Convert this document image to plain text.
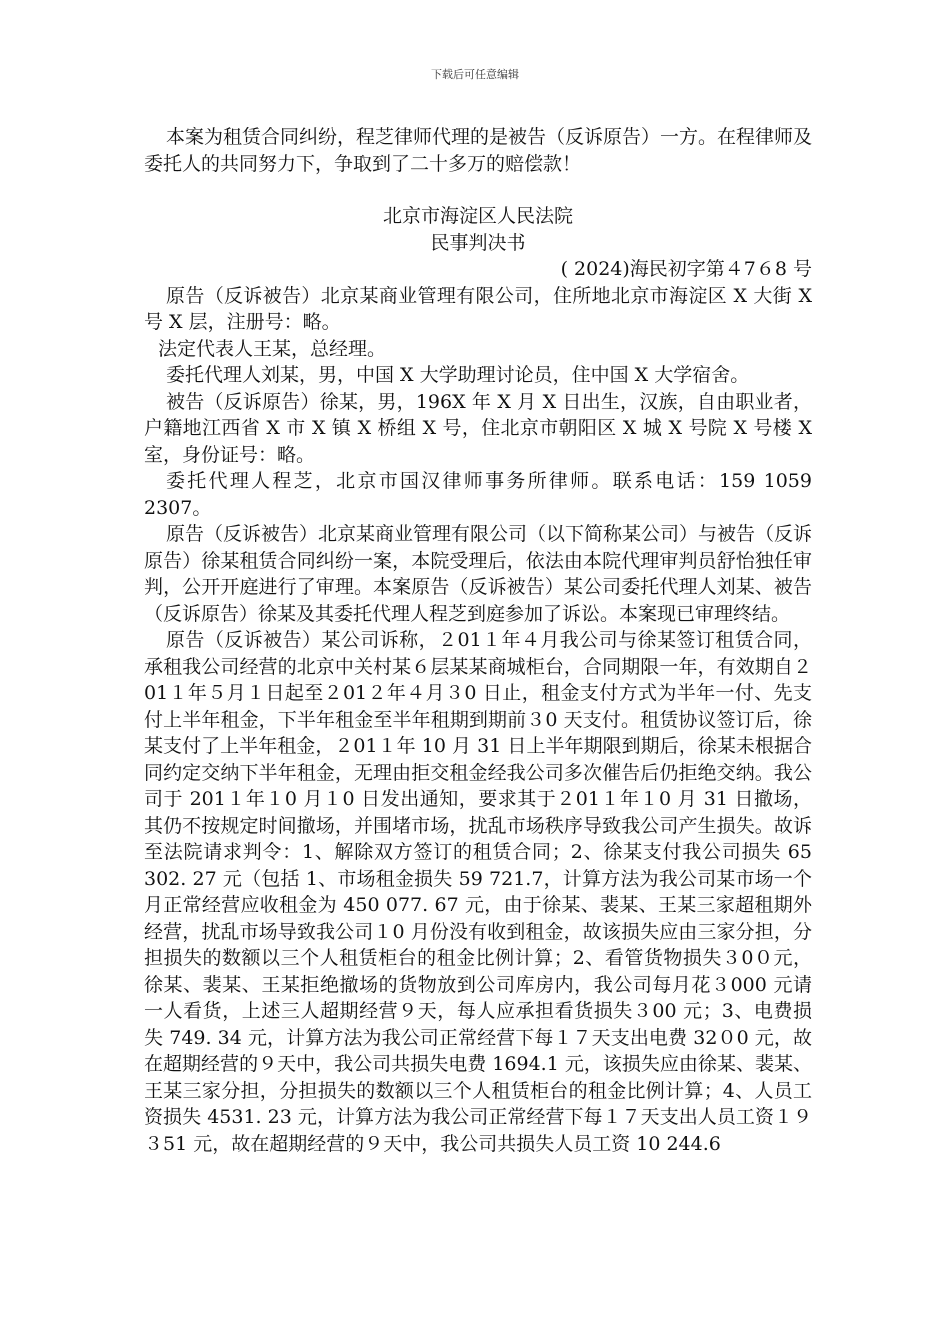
下载后可任意编辑

本案为租赁合同纠纷，程芝律师代理的是被告（反诉原告）一方。在程律师及委托人的共同努力下，争取到了二十多万的赔偿款！

北京市海淀区人民法院

民事判决书

( 2024)海民初字第４7６8 号

原告（反诉被告）北京某商业管理有限公司，住所地北京市海淀区 X 大街 X 号 X 层，注册号：略。

法定代表人王某，总经理。

委托代理人刘某，男，中国 X 大学助理讨论员，住中国 X 大学宿舍。

被告（反诉原告）徐某，男，196X 年 X 月 X 日出生，汉族，自由职业者，户籍地江西省 X 市 X 镇 X 桥组 X 号，住北京市朝阳区 X 城 X 号院 X 号楼 X 室，身份证号：略。

委托代理人程芝，北京市国汉律师事务所律师。联系电话：159 1059 2307。

原告（反诉被告）北京某商业管理有限公司（以下简称某公司）与被告（反诉原告）徐某租赁合同纠纷一案，本院受理后，依法由本院代理审判员舒怡独任审判，公开开庭进行了审理。本案原告（反诉被告）某公司委托代理人刘某、被告（反诉原告）徐某及其委托代理人程芝到庭参加了诉讼。本案现已审理终结。

原告（反诉被告）某公司诉称，２01１年４月我公司与徐某签订租赁合同，承租我公司经营的北京中关村某６层某某商城柜台，合同期限一年，有效期自２01１年５月１日起至２01２年４月３0 日止，租金支付方式为半年一付、先支付上半年租金，下半年租金至半年租期到期前３0 天支付。租赁协议签订后，徐某支付了上半年租金，２01１年 10 月 31 日上半年期限到期后，徐某未根据合同约定交纳下半年租金，无理由拒交租金经我公司多次催告后仍拒绝交纳。我公司于 201１年１0 月１0 日发出通知，要求其于２01１年１0 月 31 日撤场，其仍不按规定时间撤场，并围堵市场，扰乱市场秩序导致我公司产生损失。故诉至法院请求判令：1、解除双方签订的租赁合同；2、徐某支付我公司损失 65 302. 27 元（包括 1、市场租金损失 59 721.7，计算方法为我公司某市场一个月正常经营应收租金为 450 077. 67 元，由于徐某、裴某、王某三家超租期外经营，扰乱市场导致我公司１0 月份没有收到租金，故该损失应由三家分担，分担损失的数额以三个人租赁柜台的租金比例计算；2、看管货物损失３0０元，徐某、裴某、王某拒绝撤场的货物放到公司库房内，我公司每月花３000 元请一人看货，上述三人超期经营９天，每人应承担看货损失３00 元；3、电费损失 749. 34 元，计算方法为我公司正常经营下每１７天支出电费 32０0 元，故在超期经营的９天中，我公司共损失电费 1694.1 元，该损失应由徐某、裴某、王某三家分担，分担损失的数额以三个人租赁柜台的租金比例计算；4、人员工资损失 4531. 23 元，计算方法为我公司正常经营下每１７天支出人员工资１９３51 元，故在超期经营的９天中，我公司共损失人员工资 10 244.6
